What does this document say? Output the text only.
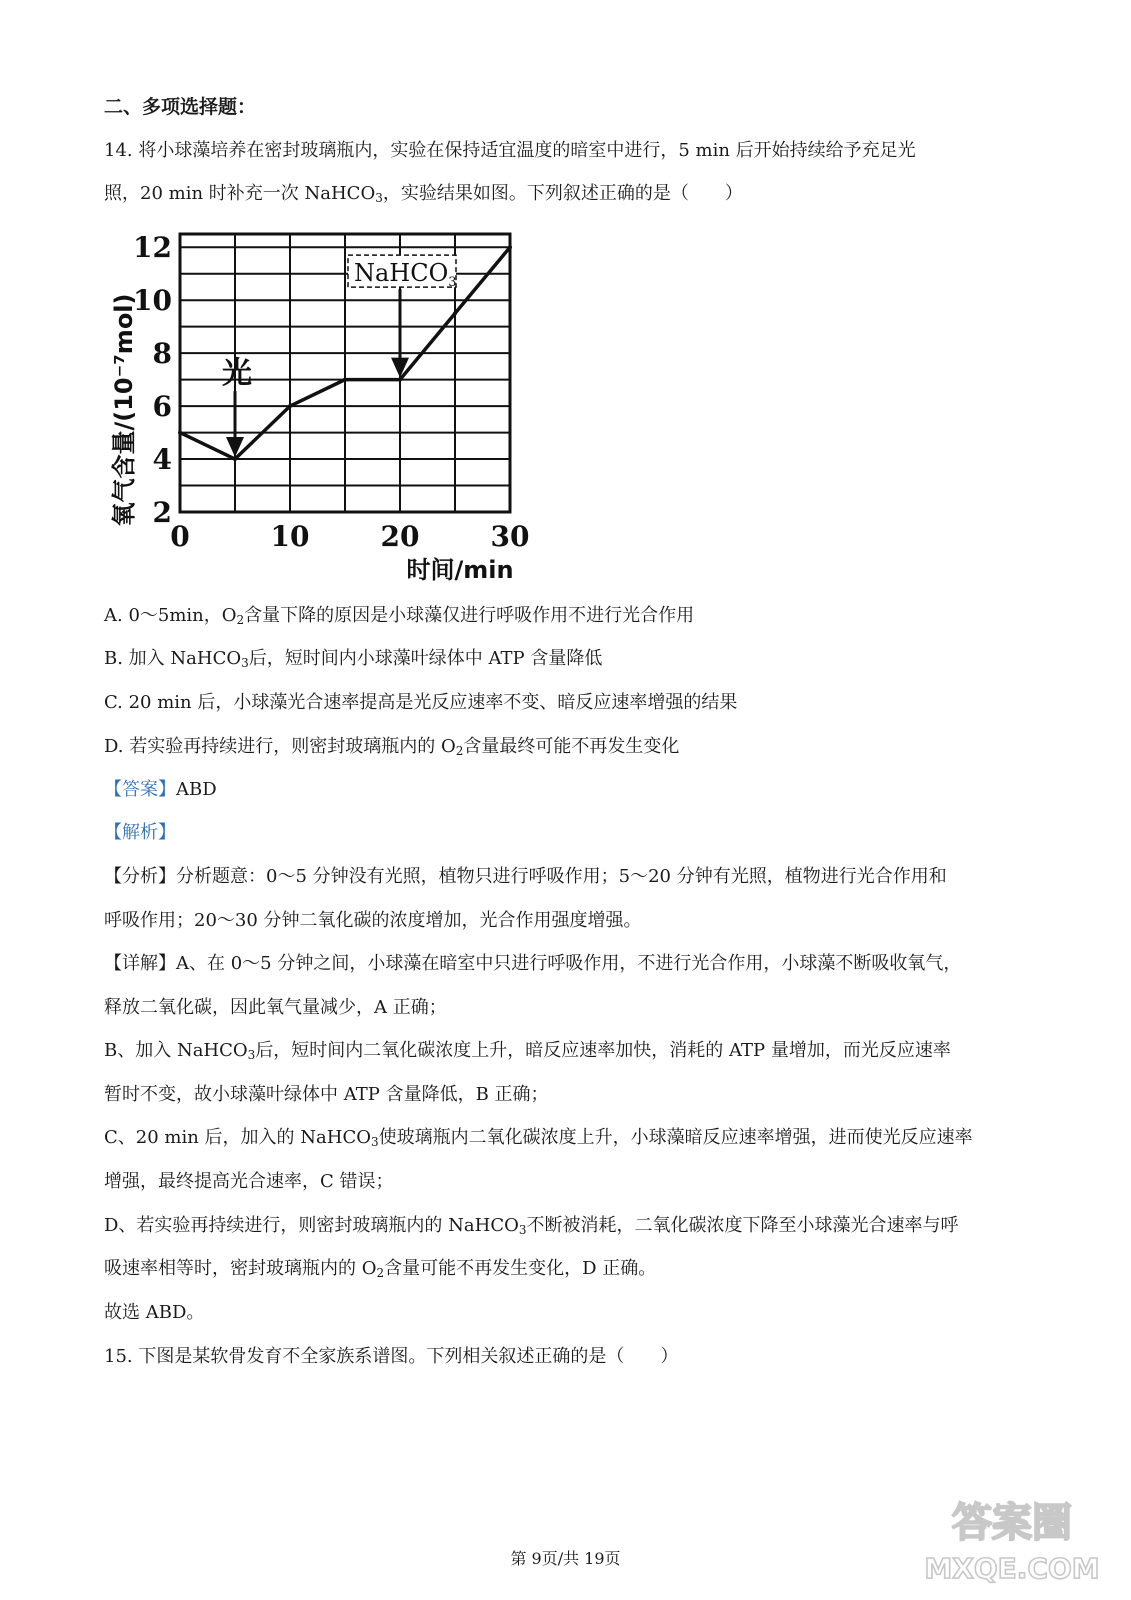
二、多项选择题：
14. 将小球藻培养在密封玻璃瓶内，实验在保持适宜温度的暗室中进行，5 min 后开始持续给予充足光
照，20 min 时补充一次 NaHCO$_3$，实验结果如图。下列叙述正确的是（　　）
2
4
6
8
10
12
0	10	20	30
时间/min
氧气含量/(10⁻⁷mol)	光
NaHCO$_3$
A. 0～5min，$O_2$含量下降的原因是小球藻仅进行呼吸作用不进行光合作用
B. 加入 NaHCO$_3$后，短时间内小球藻叶绿体中 ATP 含量降低
C. 20 min 后，小球藻光合速率提高是光反应速率不变、暗反应速率增强的结果
D. 若实验再持续进行，则密封玻璃瓶内的 $O_2$含量最终可能不再发生变化
【答案】ABD
【解析】
【分析】分析题意：0～5 分钟没有光照，植物只进行呼吸作用；5～20 分钟有光照，植物进行光合作用和
呼吸作用；20～30 分钟二氧化碳的浓度增加，光合作用强度增强。
【详解】A、在 0～5 分钟之间，小球藻在暗室中只进行呼吸作用，不进行光合作用，小球藻不断吸收氧气，
释放二氧化碳，因此氧气量减少，A 正确；
B、加入 NaHCO$_3$后，短时间内二氧化碳浓度上升，暗反应速率加快，消耗的 ATP 量增加，而光反应速率
暂时不变，故小球藻叶绿体中 ATP 含量降低，B 正确；
C、20 min 后，加入的 NaHCO$_3$使玻璃瓶内二氧化碳浓度上升，小球藻暗反应速率增强，进而使光反应速率
增强，最终提高光合速率，C 错误；
D、若实验再持续进行，则密封玻璃瓶内的 NaHCO$_3$不断被消耗，二氧化碳浓度下降至小球藻光合速率与呼
吸速率相等时，密封玻璃瓶内的 $O_2$含量可能不再发生变化，D 正确。
故选 ABD。
15. 下图是某软骨发育不全家族系谱图。下列相关叙述正确的是（　　）
第 9页/共 19页
答案圈
MXQE.COM
